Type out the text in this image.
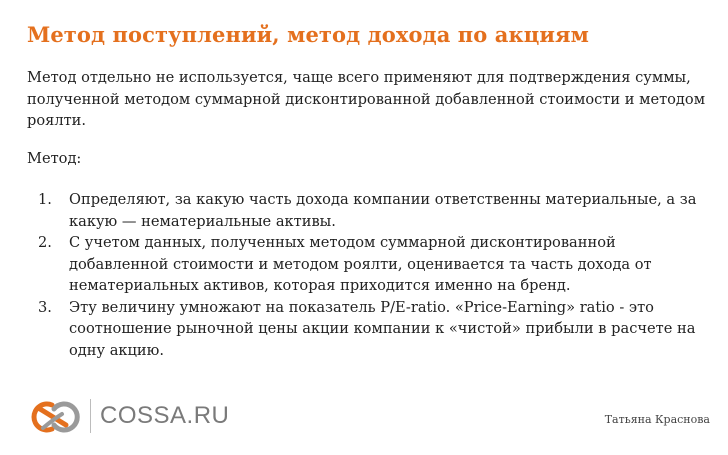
Метод поступлений, метод дохода по акциям
Метод отдельно не используется, чаще всего применяют для подтверждения суммы, полученной методом суммарной дисконтированной добавленной стоимости и методом роялти.
Метод:
1. Определяют, за какую часть дохода компании ответственны материальные, а за какую — нематериальные активы.
2. С учетом данных, полученных методом суммарной дисконтированной добавленной стоимости и методом роялти, оценивается та часть дохода от нематериальных активов, которая приходится именно на бренд.
3. Эту величину умножают на показатель P/E-ratio. «Price-Earning» ratio - это соотношение рыночной цены акции компании к «чистой» прибыли в расчете на одну акцию.
COSSA.RU	Татьяна Краснова
